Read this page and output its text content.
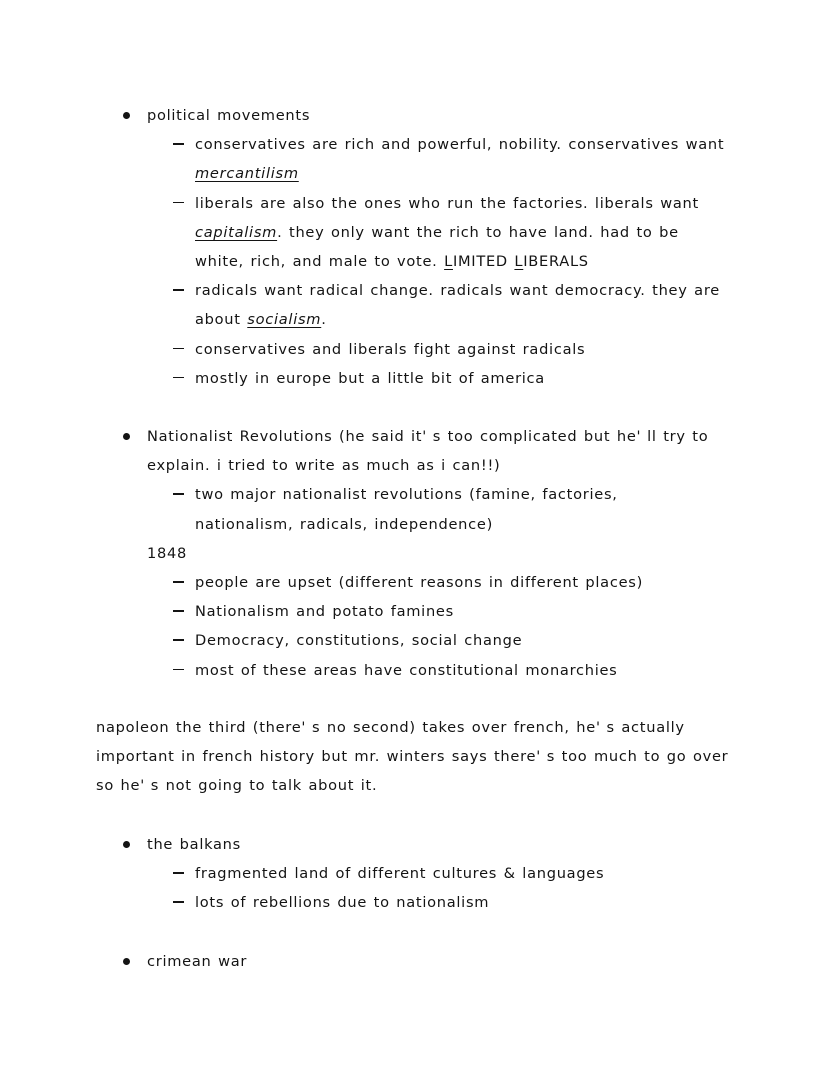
political movements
conservatives are rich and powerful, nobility. conservatives want mercantilism
liberals are also the ones who run the factories. liberals want capitalism. they only want the rich to have land. had to be white, rich, and male to vote. LIMITED LIBERALS
radicals want radical change. radicals want democracy. they are about socialism.
conservatives and liberals fight against radicals
mostly in europe but a little bit of america
Nationalist Revolutions (he said it' s too complicated but he' ll try to explain. i tried to write as much as i can!!)
two major nationalist revolutions (famine, factories, nationalism, radicals, independence)
1848
people are upset (different reasons in different places)
Nationalism and potato famines
Democracy, constitutions, social change
most of these areas have constitutional monarchies

napoleon the third (there' s no second) takes over french, he' s actually important in french history but mr. winters says there' s too much to go over so he' s not going to talk about it.

the balkans
fragmented land of different cultures & languages
lots of rebellions due to nationalism
crimean war
